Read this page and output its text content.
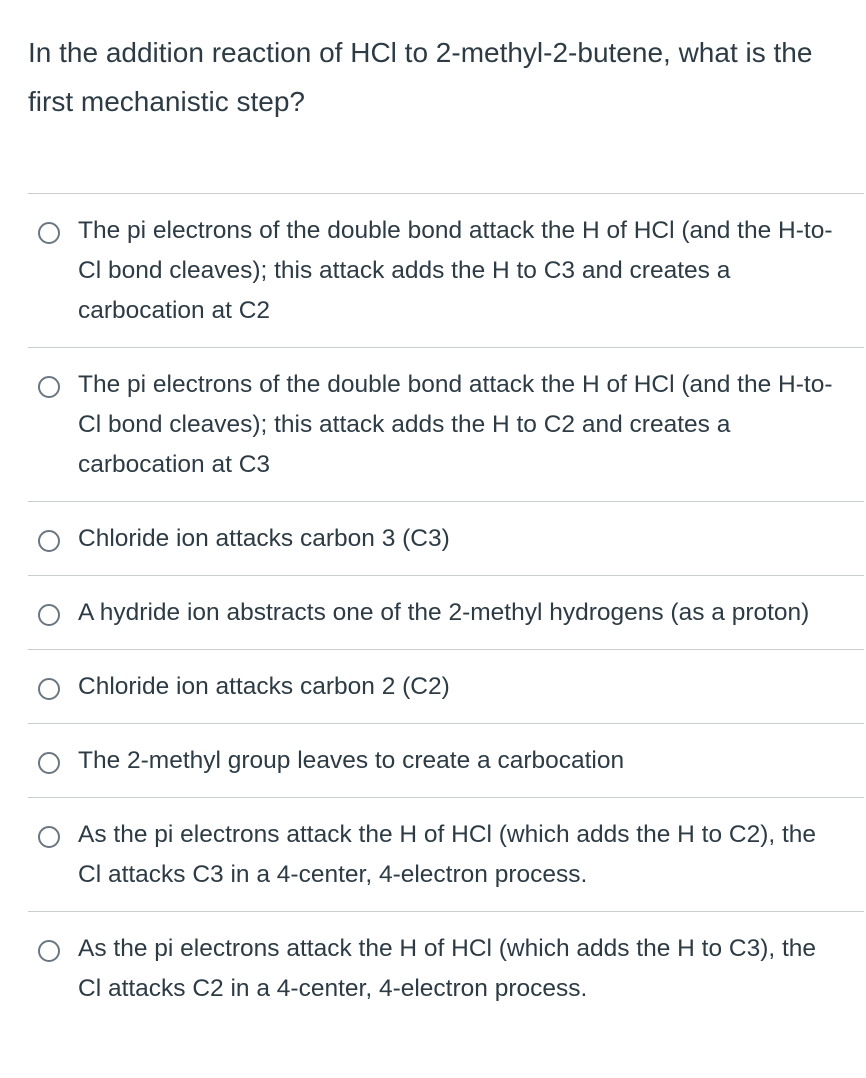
In the addition reaction of HCl to 2-methyl-2-butene, what is the first mechanistic step?
The pi electrons of the double bond attack the H of HCl (and the H-to-Cl bond cleaves); this attack adds the H to C3 and creates a carbocation at C2
The pi electrons of the double bond attack the H of HCl (and the H-to-Cl bond cleaves); this attack adds the H to C2 and creates a carbocation at C3
Chloride ion attacks carbon 3 (C3)
A hydride ion abstracts one of the 2-methyl hydrogens (as a proton)
Chloride ion attacks carbon 2 (C2)
The 2-methyl group leaves to create a carbocation
As the pi electrons attack the H of HCl (which adds the H to C2), the Cl attacks C3 in a 4-center, 4-electron process.
As the pi electrons attack the H of HCl (which adds the H to C3), the Cl attacks C2 in a 4-center, 4-electron process.
